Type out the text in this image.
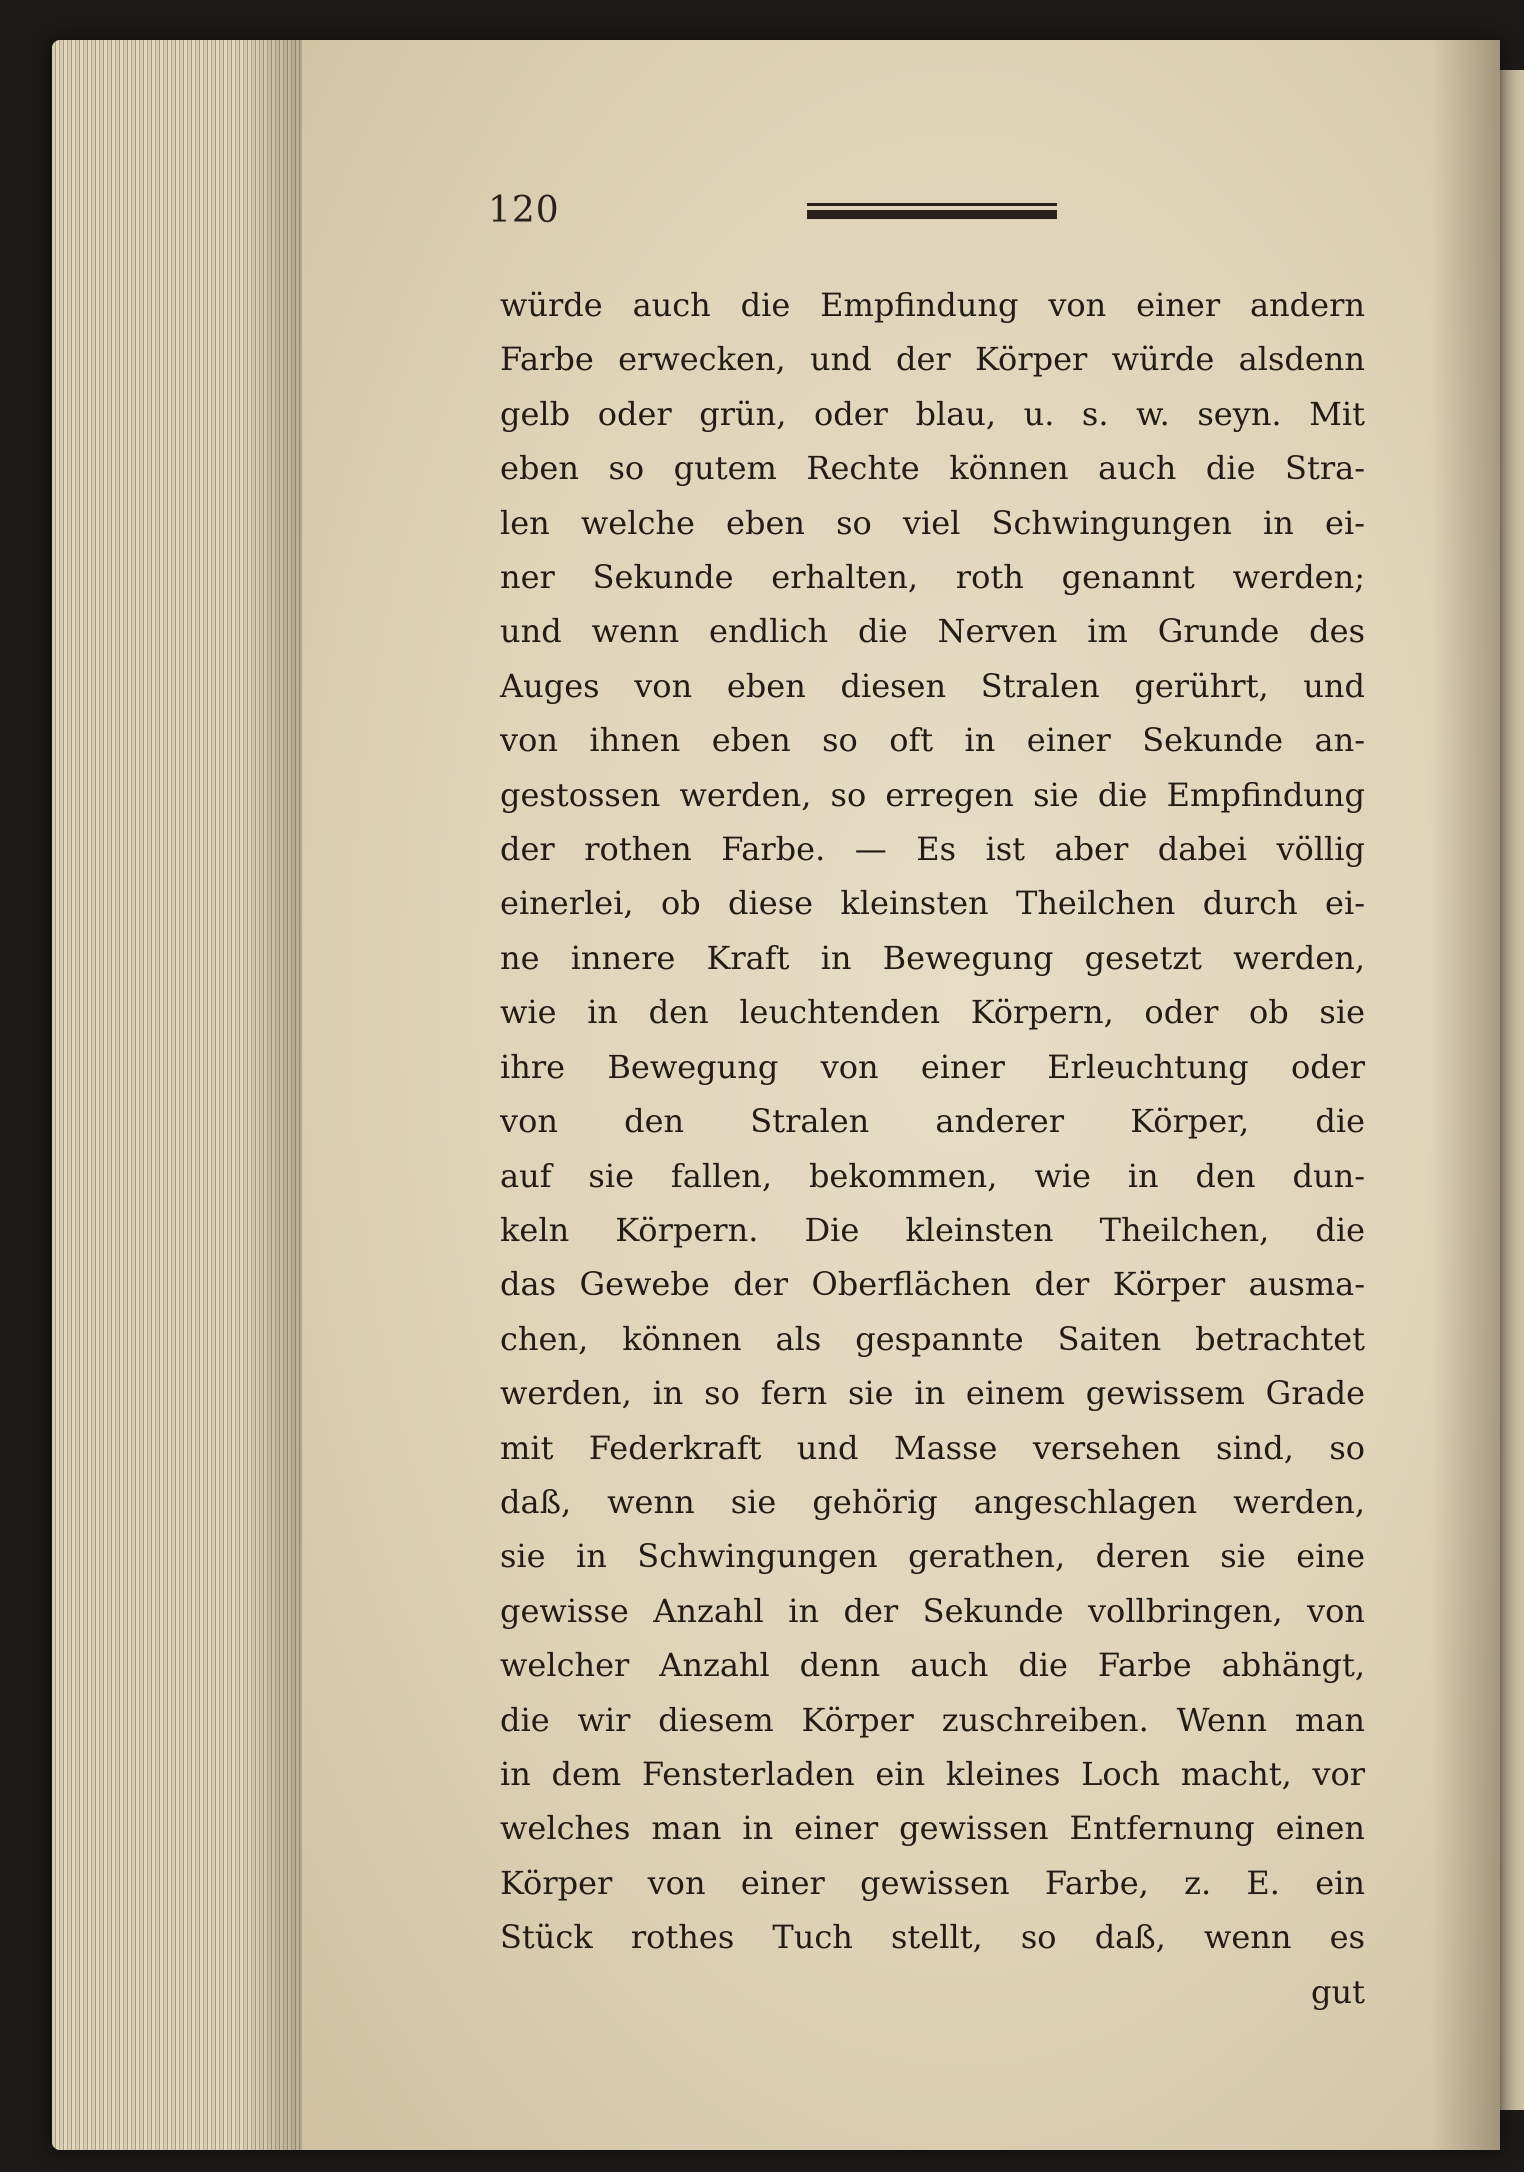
120
würde auch die Empfindung von einer andern
Farbe erwecken, und der Körper würde alsdenn
gelb oder grün, oder blau, u. s. w. seyn. Mit
eben so gutem Rechte können auch die Stra-
len welche eben so viel Schwingungen in ei-
ner Sekunde erhalten, roth genannt werden;
und wenn endlich die Nerven im Grunde des
Auges von eben diesen Stralen gerührt, und
von ihnen eben so oft in einer Sekunde an-
gestossen werden, so erregen sie die Empfindung
der rothen Farbe. — Es ist aber dabei völlig
einerlei, ob diese kleinsten Theilchen durch ei-
ne innere Kraft in Bewegung gesetzt werden,
wie in den leuchtenden Körpern, oder ob sie
ihre Bewegung von einer Erleuchtung oder
von den Stralen anderer Körper, die
auf sie fallen, bekommen, wie in den dun-
keln Körpern. Die kleinsten Theilchen, die
das Gewebe der Oberflächen der Körper ausma-
chen, können als gespannte Saiten betrachtet
werden, in so fern sie in einem gewissem Grade
mit Federkraft und Masse versehen sind, so
daß, wenn sie gehörig angeschlagen werden,
sie in Schwingungen gerathen, deren sie eine
gewisse Anzahl in der Sekunde vollbringen, von
welcher Anzahl denn auch die Farbe abhängt,
die wir diesem Körper zuschreiben. Wenn man
in dem Fensterladen ein kleines Loch macht, vor
welches man in einer gewissen Entfernung einen
Körper von einer gewissen Farbe, z. E. ein
Stück rothes Tuch stellt, so daß, wenn es
gut
